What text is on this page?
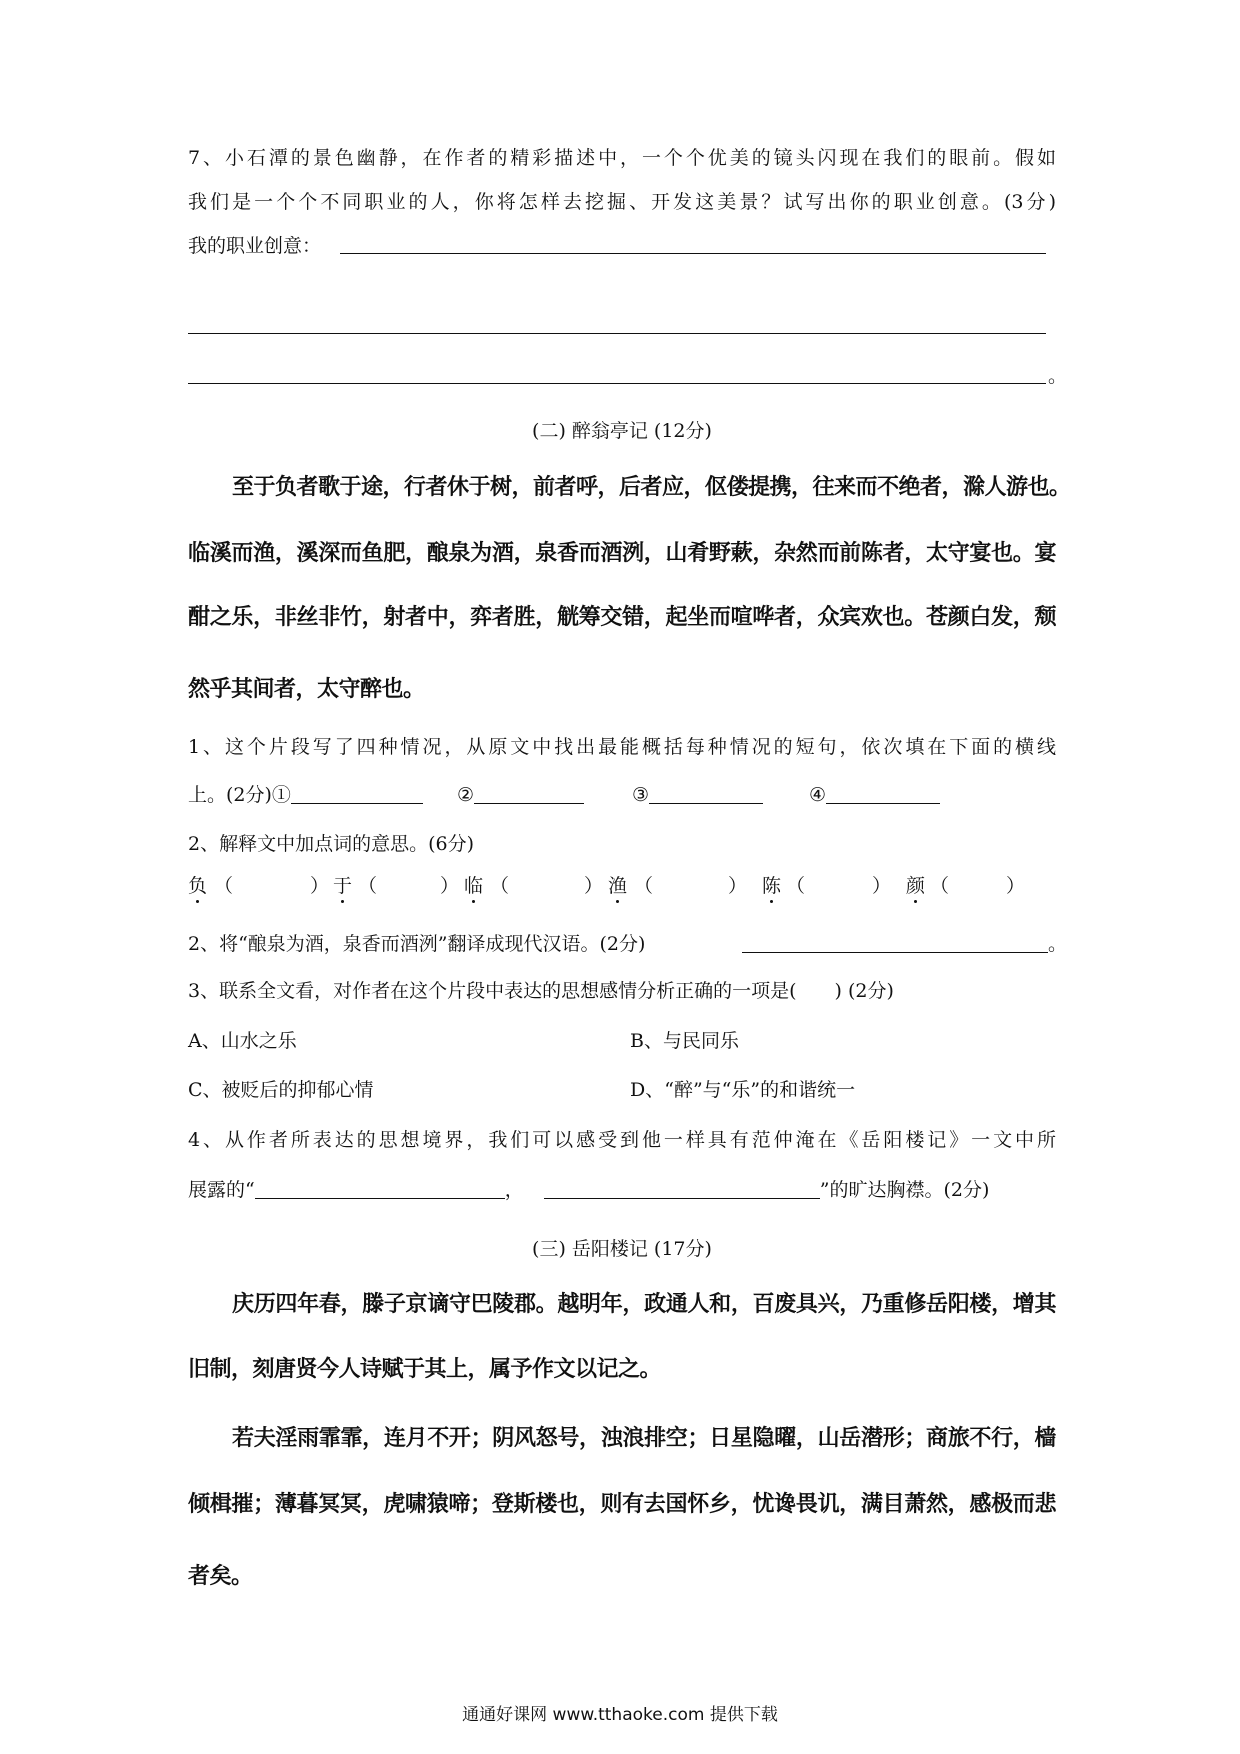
7、小石潭的景色幽静，在作者的精彩描述中，一个个优美的镜头闪现在我们的眼前。假如
我们是一个个不同职业的人，你将怎样去挖掘、开发这美景？试写出你的职业创意。(3分)
我的职业创意：
。
(二) 醉翁亭记 (12分)
至于负者歌于途，行者休于树，前者呼，后者应，伛偻提携，往来而不绝者，滁人游也。
临溪而渔，溪深而鱼肥，酿泉为酒，泉香而酒洌，山肴野蔌，杂然而前陈者，太守宴也。宴
酣之乐，非丝非竹，射者中，弈者胜，觥筹交错，起坐而喧哗者，众宾欢也。苍颜白发，颓
然乎其间者，太守醉也。
1、这个片段写了四种情况，从原文中找出最能概括每种情况的短句，依次填在下面的横线
上。(2分)①	②	③	④
2、解释文中加点词的意思。(6分)
负 （	） 于 （	） 临 （	） 渔 （	） 陈 （	） 颜 （	）
2、将“酿泉为酒，泉香而酒洌”翻译成现代汉语。(2分)	。
3、联系全文看，对作者在这个片段中表达的思想感情分析正确的一项是(　　) (2分)
A、山水之乐	B、与民同乐
C、被贬后的抑郁心情	D、“醉”与“乐”的和谐统一
4、从作者所表达的思想境界，我们可以感受到他一样具有范仲淹在《岳阳楼记》一文中所
展露的“	，	”的旷达胸襟。(2分)
(三) 岳阳楼记 (17分)
庆历四年春，滕子京谪守巴陵郡。越明年，政通人和，百废具兴，乃重修岳阳楼，增其
旧制，刻唐贤今人诗赋于其上，属予作文以记之。
若夫淫雨霏霏，连月不开；阴风怒号，浊浪排空；日星隐曜，山岳潜形；商旅不行，樯
倾楫摧；薄暮冥冥，虎啸猿啼；登斯楼也，则有去国怀乡，忧谗畏讥，满目萧然，感极而悲
者矣。
通通好课网 www.tthaoke.com 提供下载
